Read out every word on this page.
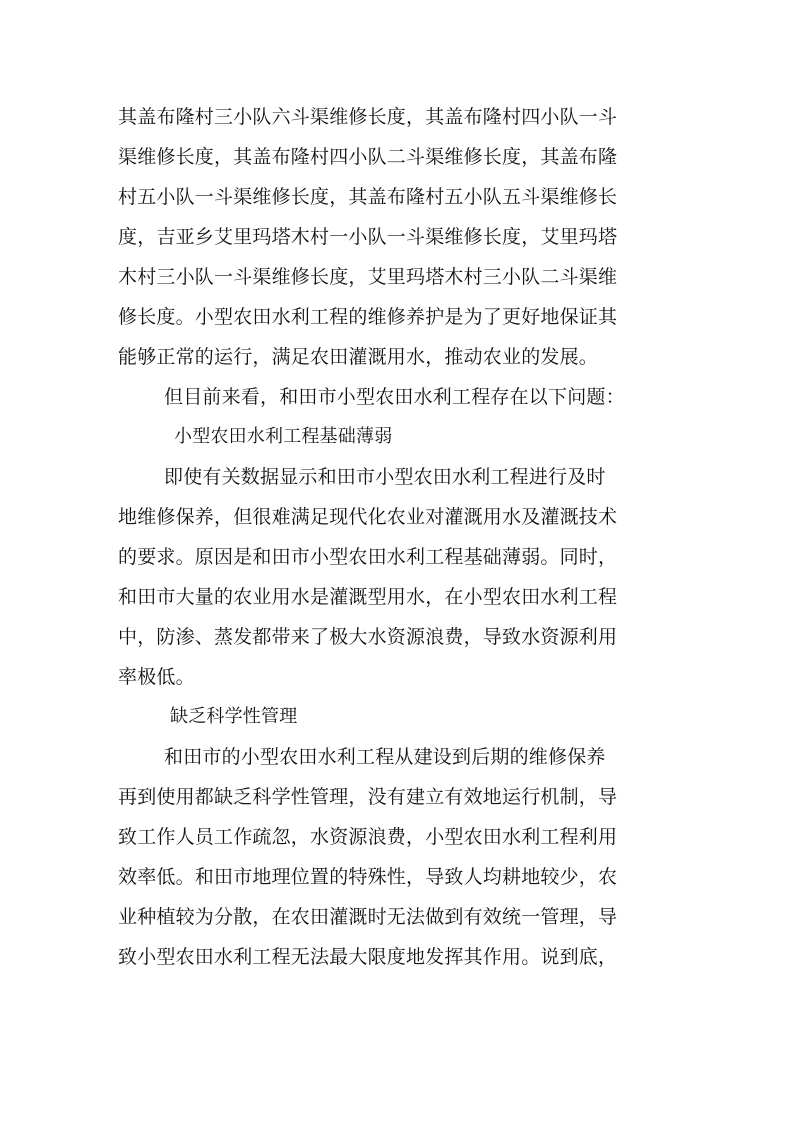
其盖布隆村三小队六斗渠维修长度，其盖布隆村四小队一斗
渠维修长度，其盖布隆村四小队二斗渠维修长度，其盖布隆
村五小队一斗渠维修长度，其盖布隆村五小队五斗渠维修长
度，吉亚乡艾里玛塔木村一小队一斗渠维修长度，艾里玛塔
木村三小队一斗渠维修长度，艾里玛塔木村三小队二斗渠维
修长度。小型农田水利工程的维修养护是为了更好地保证其
能够正常的运行，满足农田灌溉用水，推动农业的发展。
但目前来看，和田市小型农田水利工程存在以下问题：
小型农田水利工程基础薄弱
即使有关数据显示和田市小型农田水利工程进行及时
地维修保养，但很难满足现代化农业对灌溉用水及灌溉技术
的要求。原因是和田市小型农田水利工程基础薄弱。同时，
和田市大量的农业用水是灌溉型用水，在小型农田水利工程
中，防渗、蒸发都带来了极大水资源浪费，导致水资源利用
率极低。
缺乏科学性管理
和田市的小型农田水利工程从建设到后期的维修保养
再到使用都缺乏科学性管理，没有建立有效地运行机制，导
致工作人员工作疏忽，水资源浪费，小型农田水利工程利用
效率低。和田市地理位置的特殊性，导致人均耕地较少，农
业种植较为分散，在农田灌溉时无法做到有效统一管理，导
致小型农田水利工程无法最大限度地发挥其作用。说到底，
